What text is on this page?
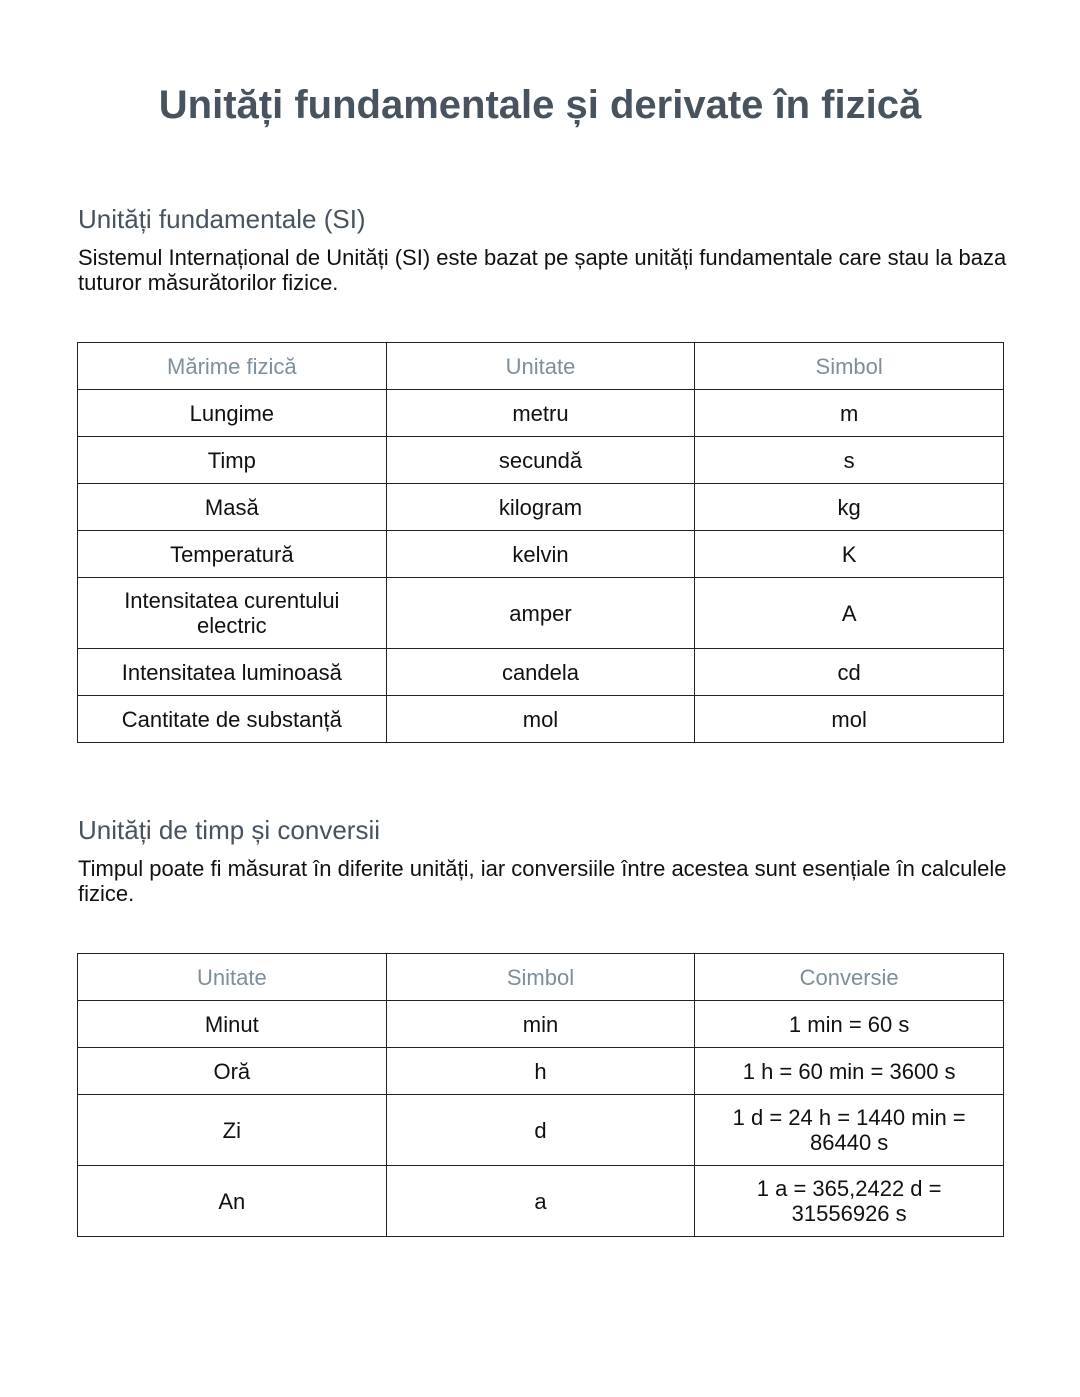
Unități fundamentale și derivate în fizică
Unități fundamentale (SI)

Sistemul Internațional de Unități (SI) este bazat pe șapte unități fundamentale care stau la baza tuturor măsurătorilor fizice.

Mărime fizică	Unitate	Simbol
Lungime	metru	m
Timp	secundă	s
Masă	kilogram	kg
Temperatură	kelvin	K
Intensitatea curentului electric	amper	A
Intensitatea luminoasă	candela	cd
Cantitate de substanță	mol	mol
Unități de timp și conversii

Timpul poate fi măsurat în diferite unități, iar conversiile între acestea sunt esențiale în calculele fizice.

Unitate	Simbol	Conversie
Minut	min	1 min = 60 s
Oră	h	1 h = 60 min = 3600 s
Zi	d	1 d = 24 h = 1440 min = 86440 s
An	a	1 a = 365,2422 d = 31556926 s
